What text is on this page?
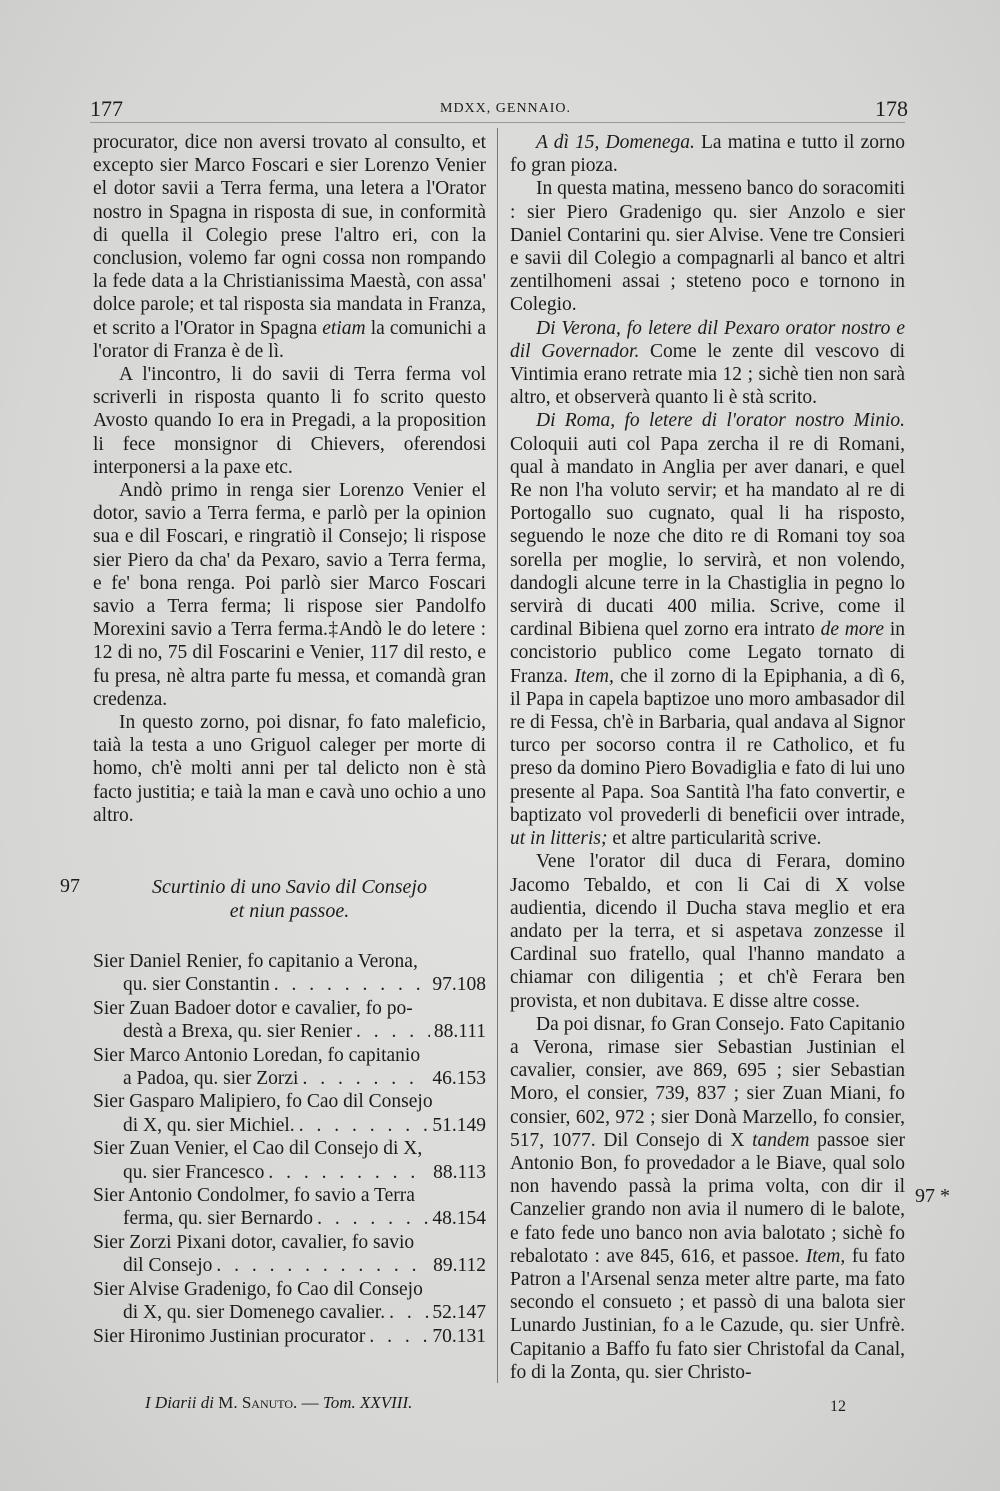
177	MDXX, GENNAIO.	178

procurator, dice non aversi trovato al consulto, et excepto sier Marco Foscari e sier Lorenzo Venier el dotor savii a Terra ferma, una letera a l'Orator nostro in Spagna in risposta di sue, in conformità di quella il Colegio prese l'altro eri, con la conclusion, volemo far ogni cossa non rompando la fede data a la Christianissima Maestà, con assa' dolce parole; et tal risposta sia mandata in Franza, et scrito a l'Orator in Spagna etiam la comunichi a l'orator di Franza è de lì.

A l'incontro, li do savii di Terra ferma vol scriverli in risposta quanto li fo scrito questo Avosto quando Io era in Pregadi, a la proposition li fece monsignor di Chievers, oferendosi interponersi a la paxe etc.

Andò primo in renga sier Lorenzo Venier el dotor, savio a Terra ferma, e parlò per la opinion sua e dil Foscari, e ringratiò il Consejo; li rispose sier Piero da cha' da Pexaro, savio a Terra ferma, e fe' bona renga. Poi parlò sier Marco Foscari savio a Terra ferma; li rispose sier Pandolfo Morexini savio a Terra ferma.‡Andò le do letere : 12 di no, 75 dil Foscarini e Venier, 117 dil resto, e fu presa, nè altra parte fu messa, et comandà gran credenza.

In questo zorno, poi disnar, fo fato maleficio, taià la testa a uno Griguol caleger per morte di homo, ch'è molti anni per tal delicto non è stà facto justitia; e taià la man e cavà uno ochio a uno altro.

97	Scurtinio di uno Savio dil Consejo
et niun passoe.
Sier Daniel Renier, fo capitanio a Verona,
qu. sier Constantin . . .	97.108
Sier Zuan Badoer dotor e cavalier, fo po-
destà a Brexa, qu. sier Renier . . .	88.111
Sier Marco Antonio Loredan, fo capitanio
a Padoa, qu. sier Zorzi . . .	46.153
Sier Gasparo Malipiero, fo Cao dil Consejo
di X, qu. sier Michiel. . . .	51.149
Sier Zuan Venier, el Cao dil Consejo di X,
qu. sier Francesco . . .	88.113
Sier Antonio Condolmer, fo savio a Terra
ferma, qu. sier Bernardo . . .	48.154
Sier Zorzi Pixani dotor, cavalier, fo savio
dil Consejo . . .	89.112
Sier Alvise Gradenigo, fo Cao dil Consejo
di X, qu. sier Domenego cavalier. . . . 52.147
Sier Hironimo Justinian procurator . . .	70.131

A dì 15, Domenega. La matina e tutto il zorno fo gran pioza.

In questa matina, messeno banco do soracomiti : sier Piero Gradenigo qu. sier Anzolo e sier Daniel Contarini qu. sier Alvise. Vene tre Consieri e savii dil Colegio a compagnarli al banco et altri zentilhomeni assai ; steteno poco e tornono in Colegio.

Di Verona, fo letere dil Pexaro orator nostro e dil Governador. Come le zente dil vescovo di Vintimia erano retrate mia 12 ; sichè tien non sarà altro, et observerà quanto li è stà scrito.

Di Roma, fo letere di l'orator nostro Minio. Coloquii auti col Papa zercha il re di Romani, qual à mandato in Anglia per aver danari, e quel Re non l'ha voluto servir; et ha mandato al re di Portogallo suo cugnato, qual li ha risposto, seguendo le noze che dito re di Romani toy soa sorella per moglie, lo servirà, et non volendo, dandogli alcune terre in la Chastiglia in pegno lo servirà di ducati 400 milia. Scrive, come il cardinal Bibiena quel zorno era intrato de more in concistorio publico come Legato tornato di Franza. Item, che il zorno di la Epiphania, a dì 6, il Papa in capela baptizoe uno moro ambasador dil re di Fessa, ch'è in Barbaria, qual andava al Signor turco per socorso contra il re Catholico, et fu preso da domino Piero Bovadiglia e fato di lui uno presente al Papa. Soa Santità l'ha fato convertir, e baptizato vol provederli di beneficii over intrade, ut in litteris; et altre particularità scrive.

Vene l'orator dil duca di Ferara, domino Jacomo Tebaldo, et con li Cai di X volse audientia, dicendo il Ducha stava meglio et era andato per la terra, et si aspetava zonzesse il Cardinal suo fratello, qual l'hanno mandato a chiamar con diligentia ; et ch'è Ferara ben provista, et non dubitava. E disse altre cosse.

Da poi disnar, fo Gran Consejo. Fato Capitanio a Verona, rimase sier Sebastian Justinian el cavalier, consier, ave 869, 695 ; sier Sebastian Moro, el consier, 739, 837 ; sier Zuan Miani, fo consier, 602, 972 ; sier Donà Marzello, fo consier, 517, 1077. Dil Consejo di X tandem passoe sier Antonio Bon, fo provedador a le Biave, qual solo non havendo passà la prima volta, con dir il Canzelier grando non avia il numero di le balote, e fato fede uno banco non avia balotato ; sichè fo rebalotato : ave 845, 616, et passoe. Item, fu fato Patron a l'Arsenal senza meter altre parte, ma fato secondo el consueto ; et passò di una balota sier Lunardo Justinian, fo a le Cazude, qu. sier Unfrè. Capitanio a Baffo fu fato sier Christofal da Canal, fo di la Zonta, qu. sier Christo-

97 *
I Diarii di M. Sanuto. — Tom. XXVIII.	12
